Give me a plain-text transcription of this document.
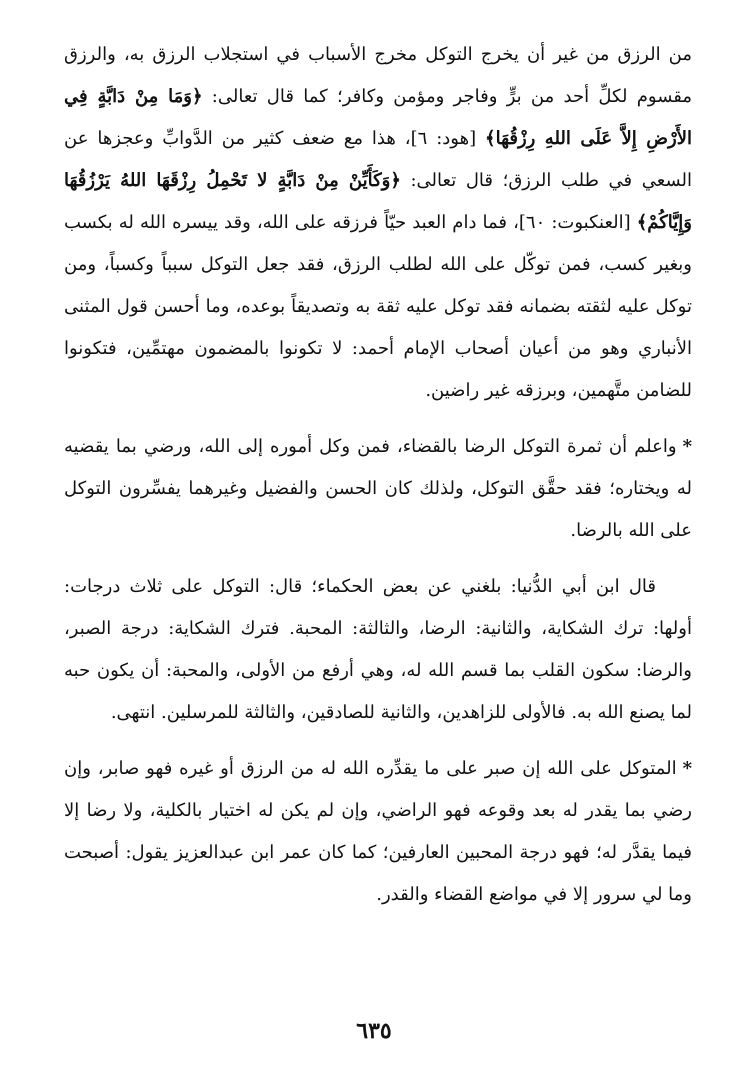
من الرزق من غير أن يخرج التوكل مخرج الأسباب في استجلاب الرزق به، والرزق مقسوم لكلِّ أحد من برٍّ وفاجر ومؤمن وكافر؛ كما قال تعالى: ﴿وَمَا مِنْ دَابَّةٍ فِي الأَرْضِ إِلاَّ عَلَى اللهِ رِزْقُهَا﴾ [هود: ٦]، هذا مع ضعف كثير من الدَّوابِّ وعجزها عن السعي في طلب الرزق؛ قال تعالى: ﴿وَكَأَيِّنْ مِنْ دَابَّةٍ لا تَحْمِلُ رِزْقَهَا اللهُ يَرْزُقُهَا وَإِيَّاكُمْ﴾ [العنكبوت: ٦٠]، فما دام العبد حيّاً فرزقه على الله، وقد ييسره الله له بكسب وبغير كسب، فمن توكّل على الله لطلب الرزق، فقد جعل التوكل سبباً وكسباً، ومن توكل عليه لثقته بضمانه فقد توكل عليه ثقة به وتصديقاً بوعده، وما أحسن قول المثنى الأنباري وهو من أعيان أصحاب الإمام أحمد: لا تكونوا بالمضمون مهتمِّين، فتكونوا للضامن متَّهمين، وبرزقه غير راضين.

*واعلم أن ثمرة التوكل الرضا بالقضاء، فمن وكل أموره إلى الله، ورضي بما يقضيه له ويختاره؛ فقد حقَّق التوكل، ولذلك كان الحسن والفضيل وغيرهما يفسِّرون التوكل على الله بالرضا.

قال ابن أبي الدُّنيا: بلغني عن بعض الحكماء؛ قال: التوكل على ثلاث درجات: أولها: ترك الشكاية، والثانية: الرضا، والثالثة: المحبة. فترك الشكاية: درجة الصبر، والرضا: سكون القلب بما قسم الله له، وهي أرفع من الأولى، والمحبة: أن يكون حبه لما يصنع الله به. فالأولى للزاهدين، والثانية للصادقين، والثالثة للمرسلين. انتهى.

*المتوكل على الله إن صبر على ما يقدِّره الله له من الرزق أو غيره فهو صابر، وإن رضي بما يقدر له بعد وقوعه فهو الراضي، وإن لم يكن له اختيار بالكلية، ولا رضا إلا فيما يقدَّر له؛ فهو درجة المحبين العارفين؛ كما كان عمر ابن عبدالعزيز يقول: أصبحت وما لي سرور إلا في مواضع القضاء والقدر.

٦٣٥
